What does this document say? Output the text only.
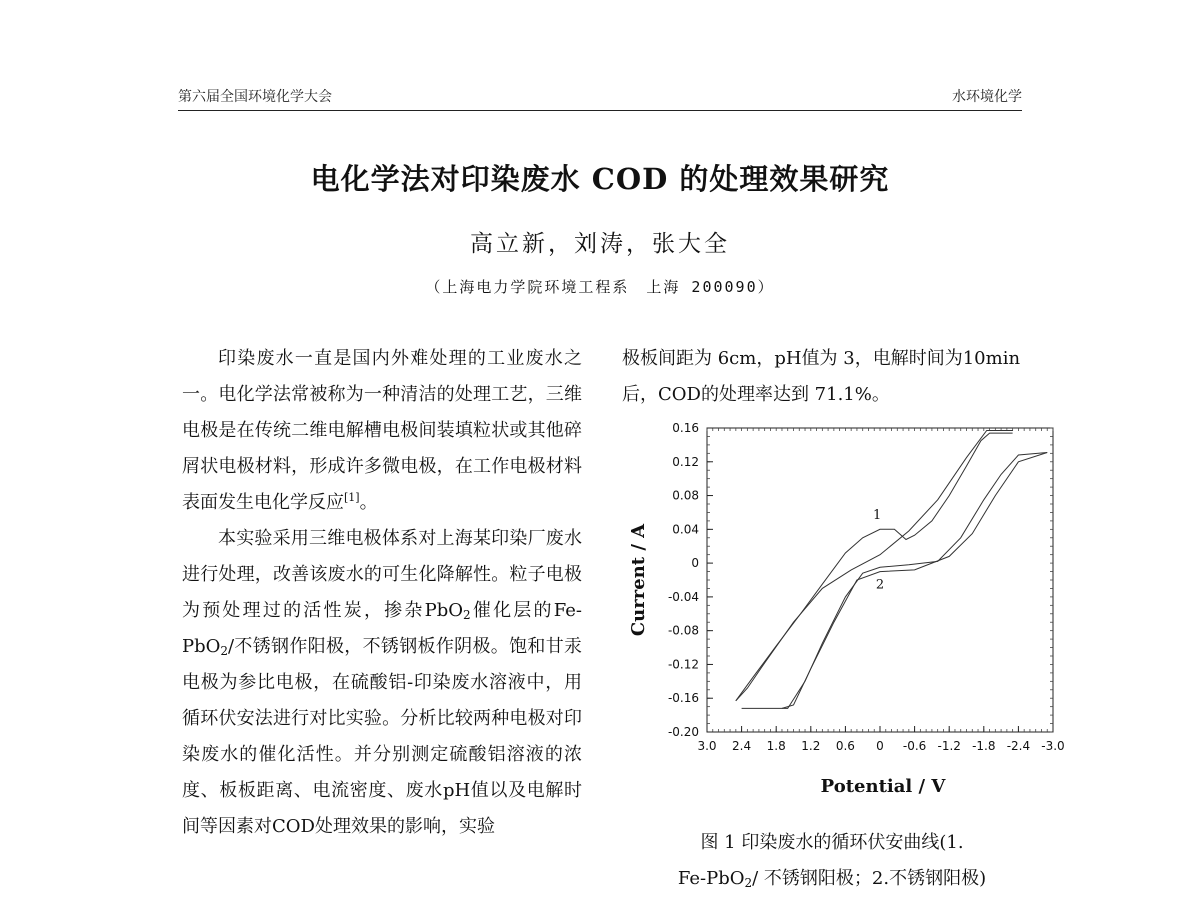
第六届全国环境化学大会	水环境化学
电化学法对印染废水 COD 的处理效果研究
高立新，刘涛，张大全
（上海电力学院环境工程系　上海 200090）

印染废水一直是国内外难处理的工业废水之一。电化学法常被称为一种清洁的处理工艺，三维电极是在传统二维电解槽电极间装填粒状或其他碎屑状电极材料，形成许多微电极，在工作电极材料表面发生电化学反应[1]。

本实验采用三维电极体系对上海某印染厂废水进行处理，改善该废水的可生化降解性。粒子电极为预处理过的活性炭，掺杂PbO$_2$催化层的Fe-PbO$_2$/不锈钢作阳极，不锈钢板作阴极。饱和甘汞电极为参比电极，在硫酸铝-印染废水溶液中，用循环伏安法进行对比实验。分析比较两种电极对印染废水的催化活性。并分别测定硫酸铝溶液的浓度、板板距离、电流密度、废水pH值以及电解时间等因素对COD处理效果的影响，实验

极板间距为 6cm，pH值为 3，电解时间为10min后，COD的处理率达到 71.1%。

0.16
0.12
0.08
0.04
0
-0.04
-0.08
-0.12
-0.16
-0.20
3.0 2.4 1.8 1.2 0.6 0 -0.6 -1.2 -1.8 -2.4 -3.0
Potential / V
Current / A
1
2
图 1 印染废水的循环伏安曲线(1.
Fe-PbO$_2$/ 不锈钢阳极；2.不锈钢阳极)
